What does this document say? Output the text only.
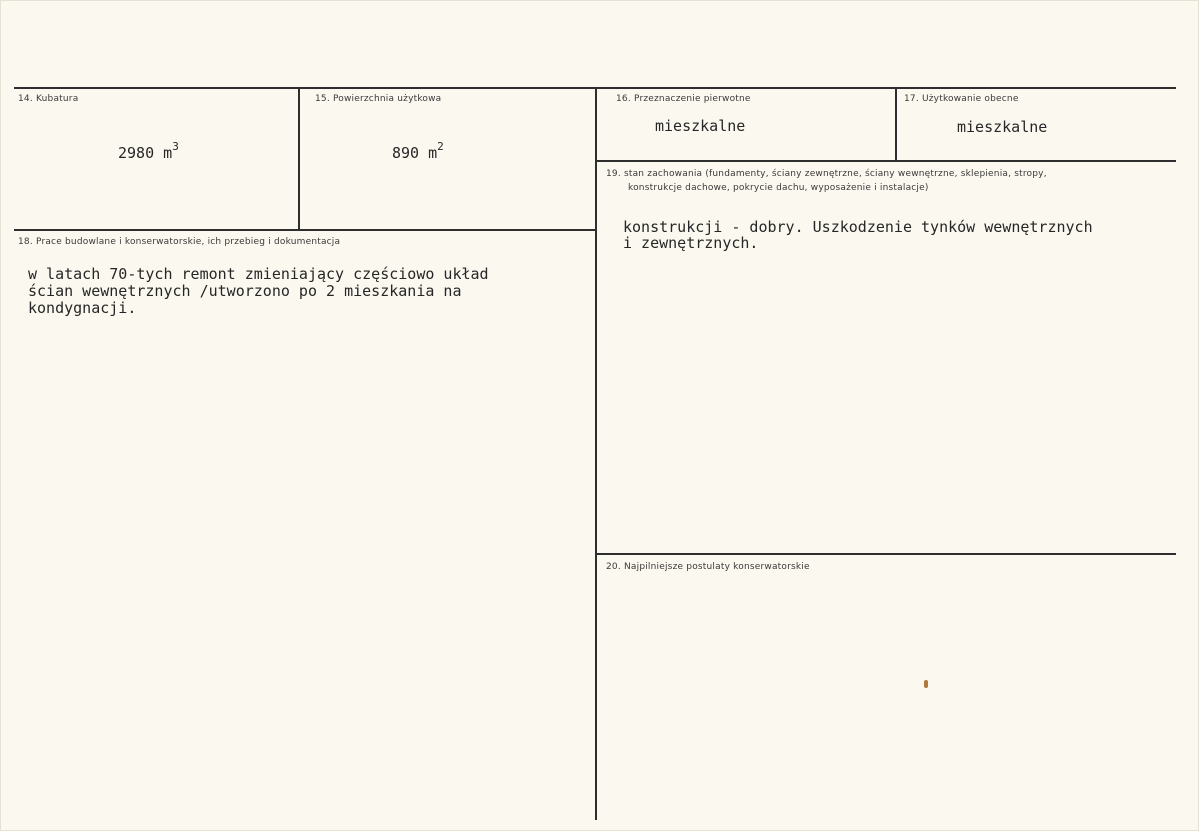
14. Kubatura
2980 $m^3$
15. Powierzchnia użytkowa
890 $m^2$
16. Przeznaczenie pierwotne
mieszkalne
17. Użytkowanie obecne
mieszkalne
18. Prace budowlane i konserwatorskie, ich przebieg i dokumentacja
w latach 70-tych remont zmieniający częściowo układ
ścian wewnętrznych /utworzono po 2 mieszkania na
kondygnacji.
19. stan zachowania (fundamenty, ściany zewnętrzne, ściany wewnętrzne, sklepienia, stropy,
konstrukcje dachowe, pokrycie dachu, wyposażenie i instalacje)
konstrukcji - dobry. Uszkodzenie tynków wewnętrznych
i zewnętrznych.
20. Najpilniejsze postulaty konserwatorskie
